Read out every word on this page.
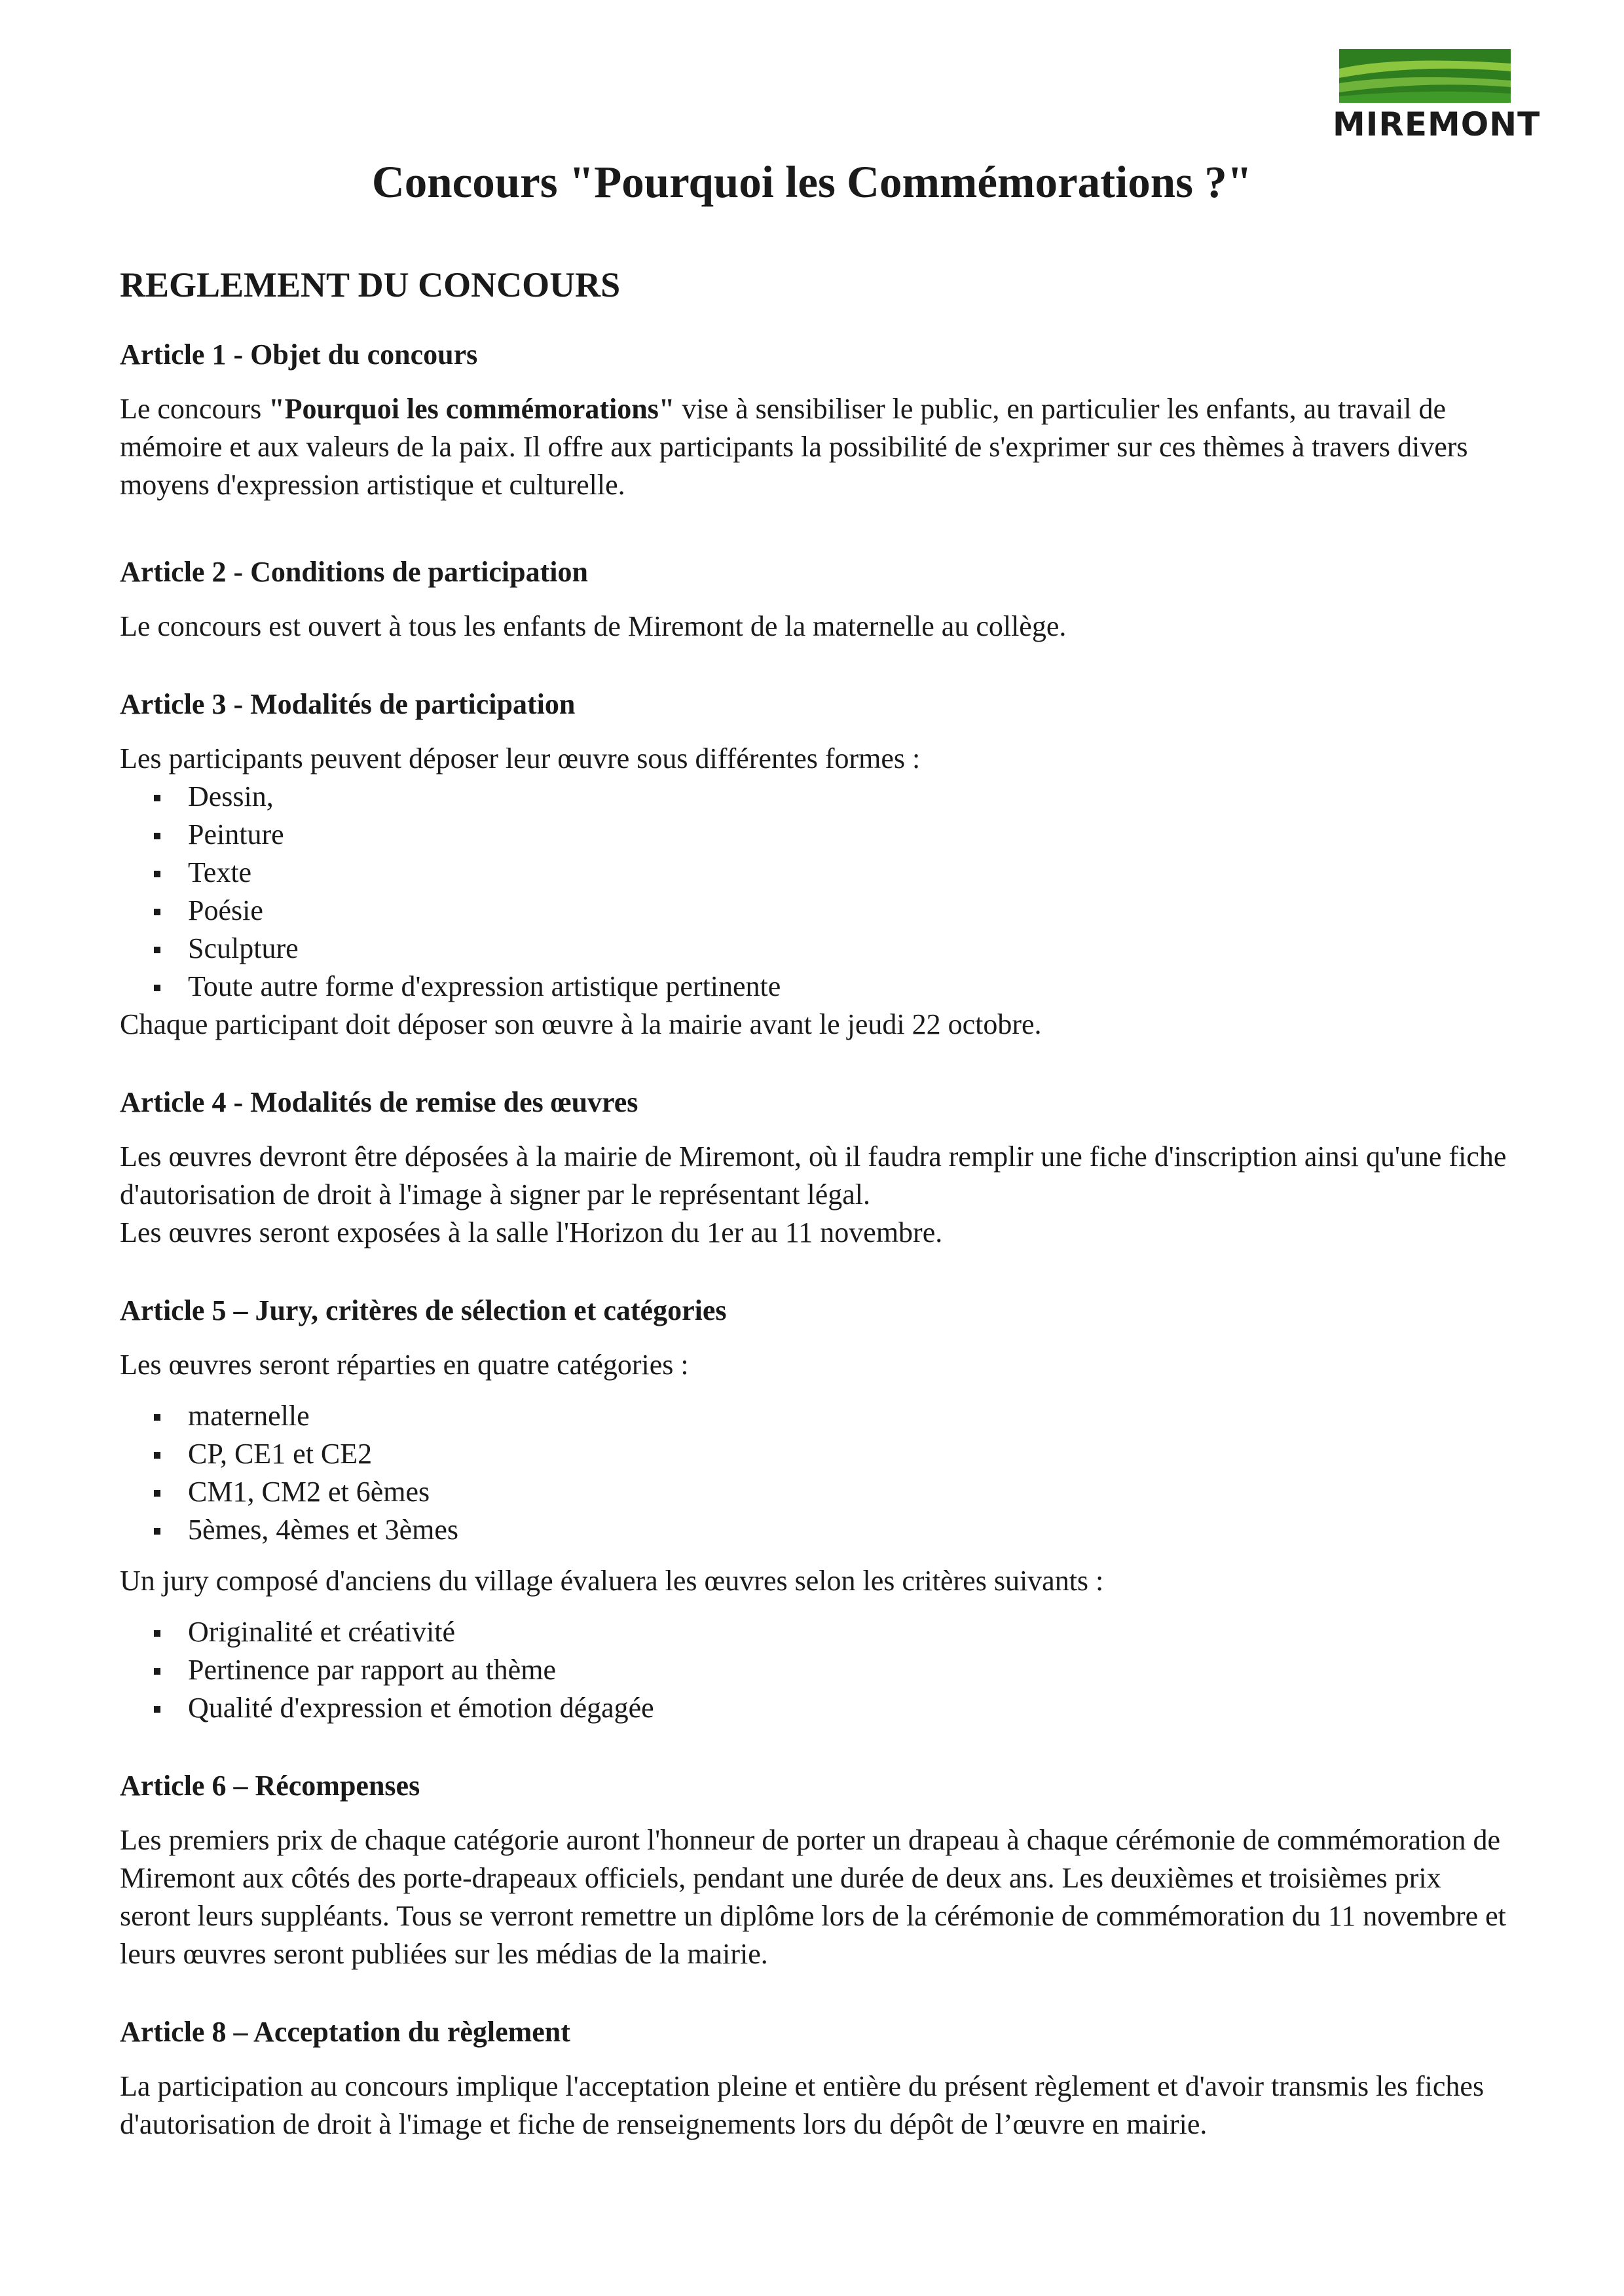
MIREMONT
Concours "Pourquoi les Commémorations ?"
REGLEMENT DU CONCOURS
Article 1 - Objet du concours

Le concours "Pourquoi les commémorations" vise à sensibiliser le public, en particulier les enfants, au travail de mémoire et aux valeurs de la paix. Il offre aux participants la possibilité de s'exprimer sur ces thèmes à travers divers moyens d'expression artistique et culturelle.

Article 2 - Conditions de participation

Le concours est ouvert à tous les enfants de Miremont de la maternelle au collège.

Article 3 - Modalités de participation

Les participants peuvent déposer leur œuvre sous différentes formes :

Dessin,
Peinture
Texte
Poésie
Sculpture
Toute autre forme d'expression artistique pertinente

Chaque participant doit déposer son œuvre à la mairie avant le jeudi 22 octobre.

Article 4 - Modalités de remise des œuvres

Les œuvres devront être déposées à la mairie de Miremont, où il faudra remplir une fiche d'inscription ainsi qu'une fiche d'autorisation de droit à l'image à signer par le représentant légal.

Les œuvres seront exposées à la salle l'Horizon du 1er au 11 novembre.

Article 5 – Jury, critères de sélection et catégories

Les œuvres seront réparties en quatre catégories :

maternelle
CP, CE1 et CE2
CM1, CM2 et 6èmes
5èmes, 4èmes et 3èmes

Un jury composé d'anciens du village évaluera les œuvres selon les critères suivants :

Originalité et créativité
Pertinence par rapport au thème
Qualité d'expression et émotion dégagée
Article 6 – Récompenses

Les premiers prix de chaque catégorie auront l'honneur de porter un drapeau à chaque cérémonie de commémoration de Miremont aux côtés des porte-drapeaux officiels, pendant une durée de deux ans. Les deuxièmes et troisièmes prix seront leurs suppléants. Tous se verront remettre un diplôme lors de la cérémonie de commémoration du 11 novembre et leurs œuvres seront publiées sur les médias de la mairie.

Article 8 – Acceptation du règlement

La participation au concours implique l'acceptation pleine et entière du présent règlement et d'avoir transmis les fiches d'autorisation de droit à l'image et fiche de renseignements lors du dépôt de l’œuvre en mairie.
